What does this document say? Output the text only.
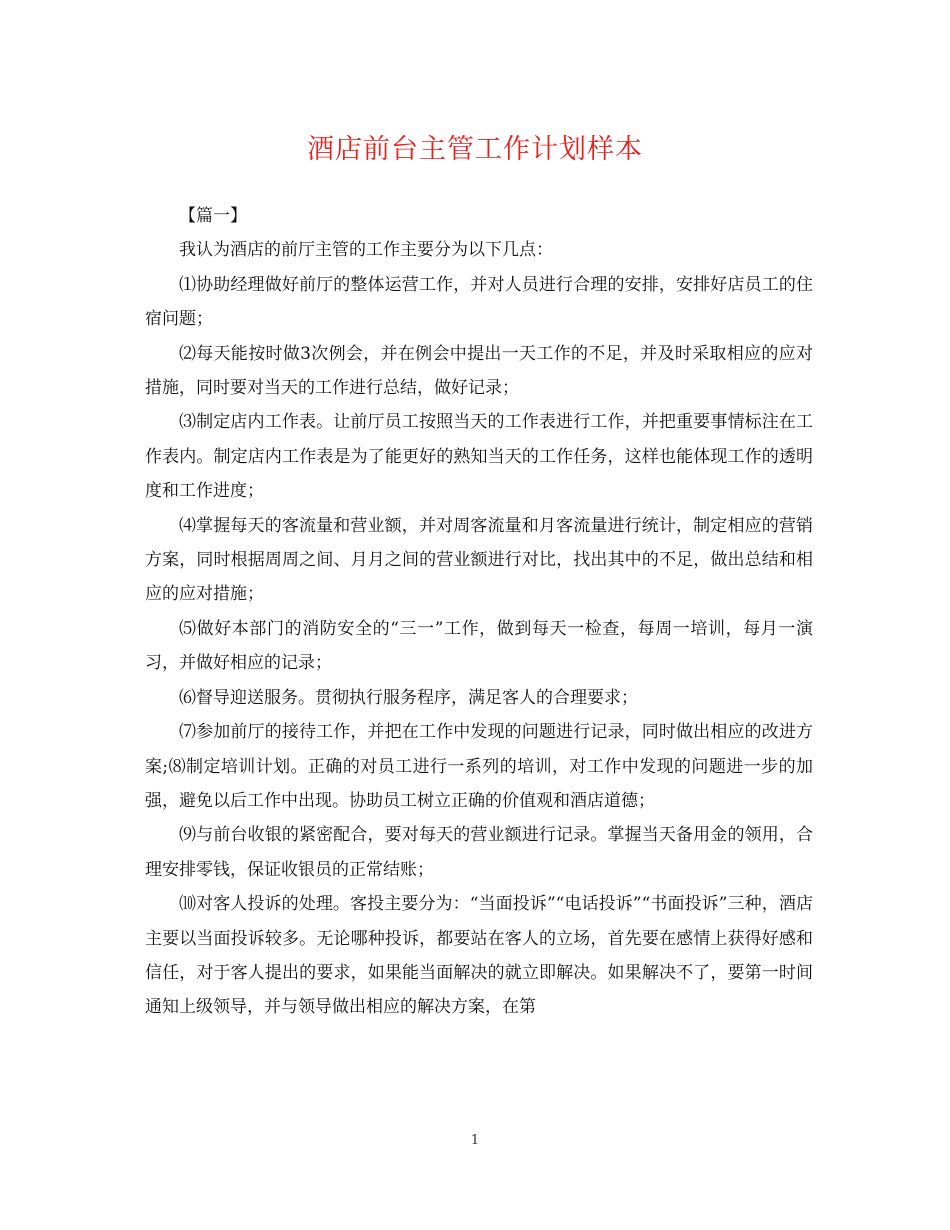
酒店前台主管工作计划样本

【篇一】

我认为酒店的前厅主管的工作主要分为以下几点：

⑴协助经理做好前厅的整体运营工作，并对人员进行合理的安排，安排好店员工的住宿问题；

⑵每天能按时做3次例会，并在例会中提出一天工作的不足，并及时采取相应的应对措施，同时要对当天的工作进行总结，做好记录；

⑶制定店内工作表。让前厅员工按照当天的工作表进行工作，并把重要事情标注在工作表内。制定店内工作表是为了能更好的熟知当天的工作任务，这样也能体现工作的透明度和工作进度；

⑷掌握每天的客流量和营业额，并对周客流量和月客流量进行统计，制定相应的营销方案，同时根据周周之间、月月之间的营业额进行对比，找出其中的不足，做出总结和相应的应对措施；

⑸做好本部门的消防安全的“三一”工作，做到每天一检查，每周一培训，每月一演习，并做好相应的记录；

⑹督导迎送服务。贯彻执行服务程序，满足客人的合理要求；

⑺参加前厅的接待工作，并把在工作中发现的问题进行记录，同时做出相应的改进方案;⑻制定培训计划。正确的对员工进行一系列的培训，对工作中发现的问题进一步的加强，避免以后工作中出现。协助员工树立正确的价值观和酒店道德；

⑼与前台收银的紧密配合，要对每天的营业额进行记录。掌握当天备用金的领用，合理安排零钱，保证收银员的正常结账；

⑽对客人投诉的处理。客投主要分为：“当面投诉”“电话投诉”“书面投诉”三种，酒店主要以当面投诉较多。无论哪种投诉，都要站在客人的立场，首先要在感情上获得好感和信任，对于客人提出的要求，如果能当面解决的就立即解决。如果解决不了，要第一时间通知上级领导，并与领导做出相应的解决方案，在第

1
